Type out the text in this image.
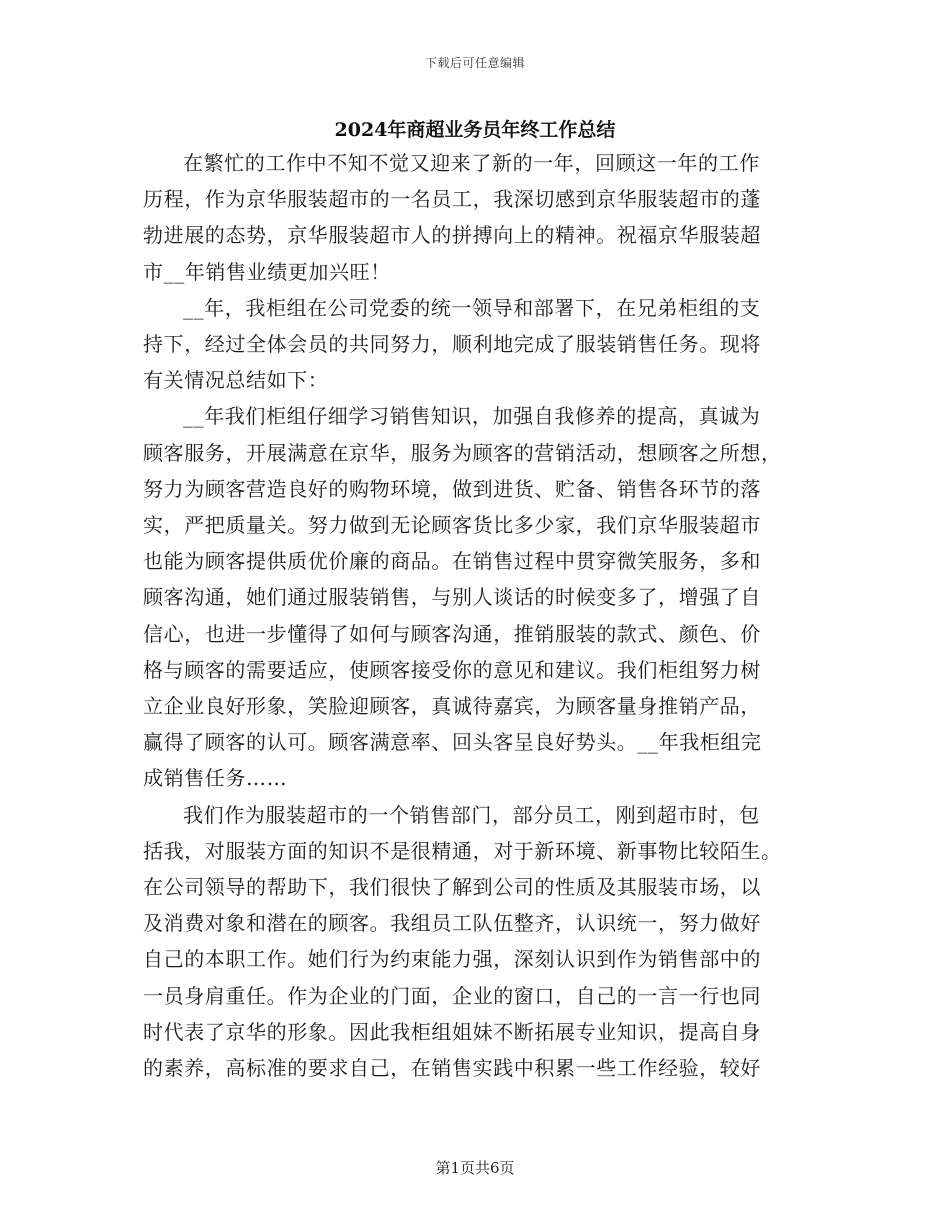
下载后可任意编辑
2024年商超业务员年终工作总结

在繁忙的工作中不知不觉又迎来了新的一年，回顾这一年的工作
历程，作为京华服装超市的一名员工，我深切感到京华服装超市的蓬
勃进展的态势，京华服装超市人的拼搏向上的精神。祝福京华服装超
市__年销售业绩更加兴旺！

__年，我柜组在公司党委的统一领导和部署下，在兄弟柜组的支
持下，经过全体会员的共同努力，顺利地完成了服装销售任务。现将
有关情况总结如下：

__年我们柜组仔细学习销售知识，加强自我修养的提高，真诚为
顾客服务，开展满意在京华，服务为顾客的营销活动，想顾客之所想，
努力为顾客营造良好的购物环境，做到进货、贮备、销售各环节的落
实，严把质量关。努力做到无论顾客货比多少家，我们京华服装超市
也能为顾客提供质优价廉的商品。在销售过程中贯穿微笑服务，多和
顾客沟通，她们通过服装销售，与别人谈话的时候变多了，增强了自
信心，也进一步懂得了如何与顾客沟通，推销服装的款式、颜色、价
格与顾客的需要适应，使顾客接受你的意见和建议。我们柜组努力树
立企业良好形象，笑脸迎顾客，真诚待嘉宾，为顾客量身推销产品，
赢得了顾客的认可。顾客满意率、回头客呈良好势头。__年我柜组完
成销售任务……

我们作为服装超市的一个销售部门，部分员工，刚到超市时，包
括我，对服装方面的知识不是很精通，对于新环境、新事物比较陌生。
在公司领导的帮助下，我们很快了解到公司的性质及其服装市场，以
及消费对象和潜在的顾客。我组员工队伍整齐，认识统一，努力做好
自己的本职工作。她们行为约束能力强，深刻认识到作为销售部中的
一员身肩重任。作为企业的门面，企业的窗口，自己的一言一行也同
时代表了京华的形象。因此我柜组姐妹不断拓展专业知识，提高自身
的素养，高标准的要求自己，在销售实践中积累一些工作经验，较好

第1页共6页
